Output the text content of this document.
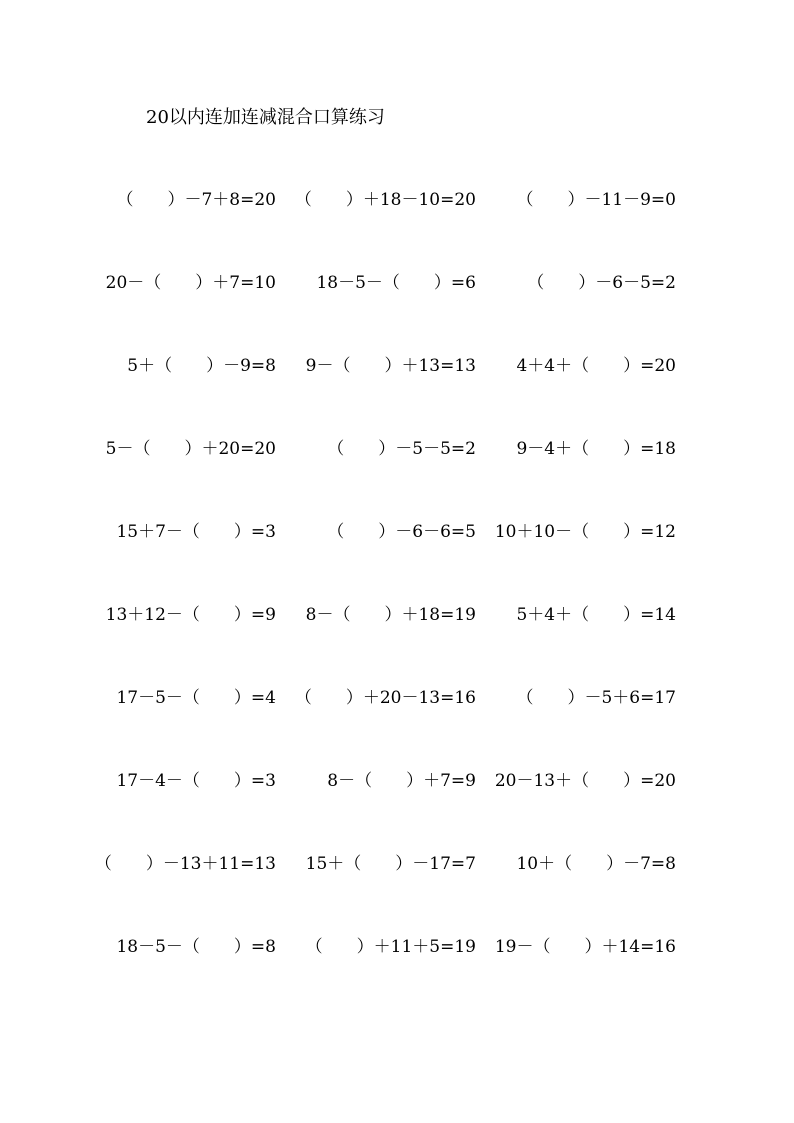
20以内连加连减混合口算练习
（　　）－7＋8=20 （　　）＋18－10=20 （　　）－11－9=0
20－（　　）＋7=10 18－5－（　　）=6	（　　）－6－5=2
5＋（　　）－9=8 9－（　　）＋13=13 4＋4＋（　　）=20
5－（　　）＋20=20	（　　）－5－5=2 9－4＋（　　）=18
15＋7－（　　）=3	（　　）－6－6=5 10＋10－（　　）=12
13＋12－（　　）=9 8－（　　）＋18=19 5＋4＋（　　）=14
17－5－（　　）=4 （　　）＋20－13=16 （　　）－5＋6=17
17－4－（　　）=3	8－（　　）＋7=9 20－13＋（　　）=20
（　　）－13＋11=13 15＋（　　）－17=7 10＋（　　）－7=8
18－5－（　　）=8 （　　）＋11＋5=19 19－（　　）＋14=16
